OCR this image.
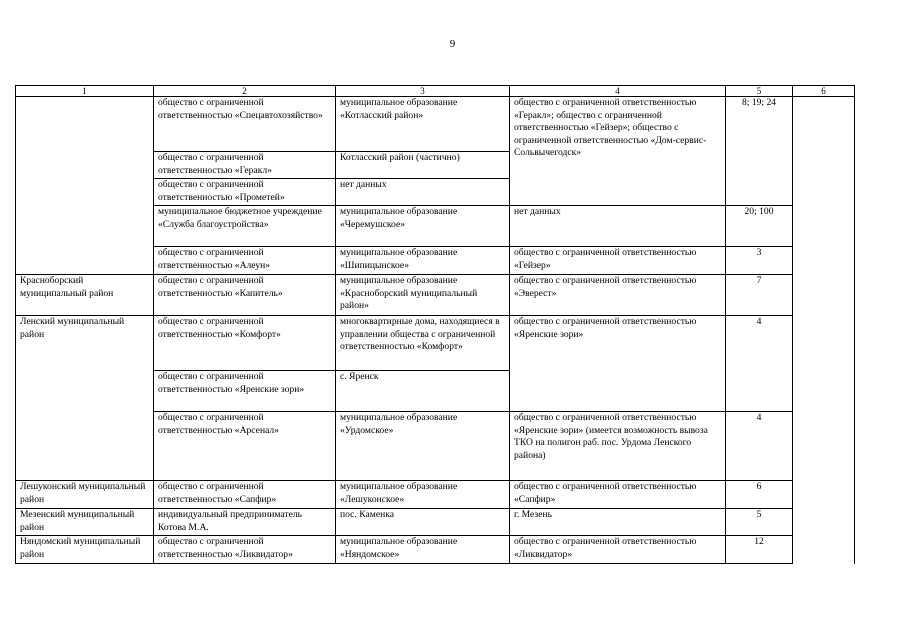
9
1	2	3	4	5	6
	общество с ограниченной ответственностью «Спецавтохозяйство»	муниципальное образование «Котласский район»	общество с ограниченной ответственностью «Геракл»; общество с ограниченной ответственностью «Гейзер»; общество с ограниченной ответственностью «Дом-сервис-Сольвычегодск»	8; 19; 24	
	общество с ограниченной ответственностью «Геракл»	Котласский район (частично)			
	общество с ограниченной ответственностью «Прометей»	нет данных			
	муниципальное бюджетное учреждение «Служба благоустройства»	муниципальное образование «Черемушское»	нет данных	20; 100	
	общество с ограниченной ответственностью «Алеун»	муниципальное образование «Шипицынское»	общество с ограниченной ответственностью «Гейзер»	3	
Красноборский муниципальный район	общество с ограниченной ответственностью «Капитель»	муниципальное образование «Красноборский муниципальный район»	общество с ограниченной ответственностью «Эверест»	7	
Ленский муниципальный район	общество с ограниченной ответственностью «Комфорт»	многоквартирные дома, находящиеся в управлении общества с ограниченной ответственностью «Комфорт»	общество с ограниченной ответственностью «Яренские зори»	4	
	общество с ограниченной ответственностью «Яренские зори»	с. Яренск			
	общество с ограниченной ответственностью «Арсенал»	муниципальное образование «Урдомское»	общество с ограниченной ответственностью «Яренские зори» (имеется возможность вывоза ТКО на полигон раб. пос. Урдома Ленского района)	4	
Лешуконский муниципальный район	общество с ограниченной ответственностью «Сапфир»	муниципальное образование «Лешуконское»	общество с ограниченной ответственностью «Сапфир»	6	
Мезенский муниципальный район	индивидуальный предприниматель Котова М.А.	пос. Каменка	г. Мезень	5	
Няндомский муниципальный район	общество с ограниченной ответственностью «Ликвидатор»	муниципальное образование «Няндомское»	общество с ограниченной ответственностью «Ликвидатор»	12	
